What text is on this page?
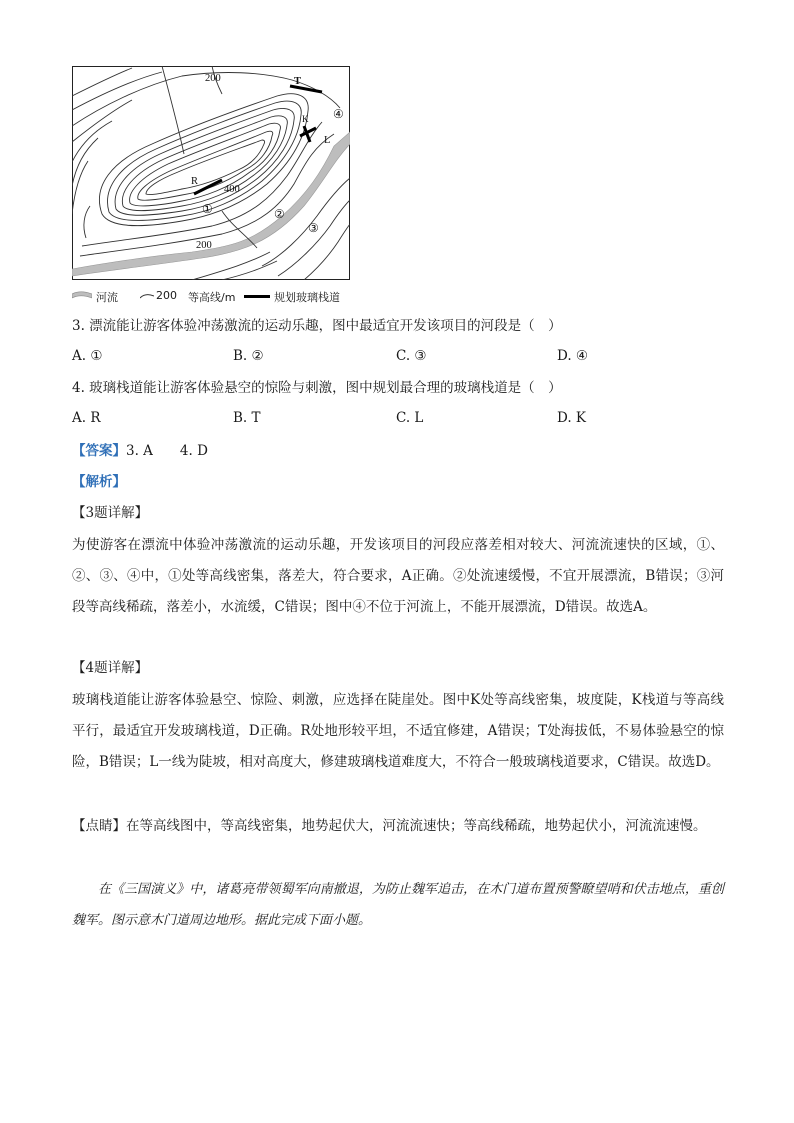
200	T
K
L
R
400
200
④
①	②
③
河流	200 等高线/m	规划玻璃栈道
3. 漂流能让游客体验冲荡激流的运动乐趣，图中最适宜开发该项目的河段是（　）
A. ①	B. ②	C. ③	D. ④
4. 玻璃栈道能让游客体验悬空的惊险与刺激，图中规划最合理的玻璃栈道是（　）
A. R	B. T	C. L	D. K
【答案】3. A　　4. D
【解析】
【3题详解】
为使游客在漂流中体验冲荡激流的运动乐趣，开发该项目的河段应落差相对较大、河流流速快的区域，①、②、③、④中，①处等高线密集，落差大，符合要求，A正确。②处流速缓慢，不宜开展漂流，B错误；③河段等高线稀疏，落差小，水流缓，C错误；图中④不位于河流上，不能开展漂流，D错误。故选A。
【4题详解】
玻璃栈道能让游客体验悬空、惊险、刺激，应选择在陡崖处。图中K处等高线密集，坡度陡，K栈道与等高线平行，最适宜开发玻璃栈道，D正确。R处地形较平坦，不适宜修建，A错误；T处海拔低，不易体验悬空的惊险，B错误；L一线为陡坡，相对高度大，修建玻璃栈道难度大，不符合一般玻璃栈道要求，C错误。故选D。
【点睛】在等高线图中，等高线密集，地势起伏大，河流流速快；等高线稀疏，地势起伏小，河流流速慢。
在《三国演义》中，诸葛亮带领蜀军向南撤退，为防止魏军追击，在木门道布置预警瞭望哨和伏击地点，重创魏军。图示意木门道周边地形。据此完成下面小题。
